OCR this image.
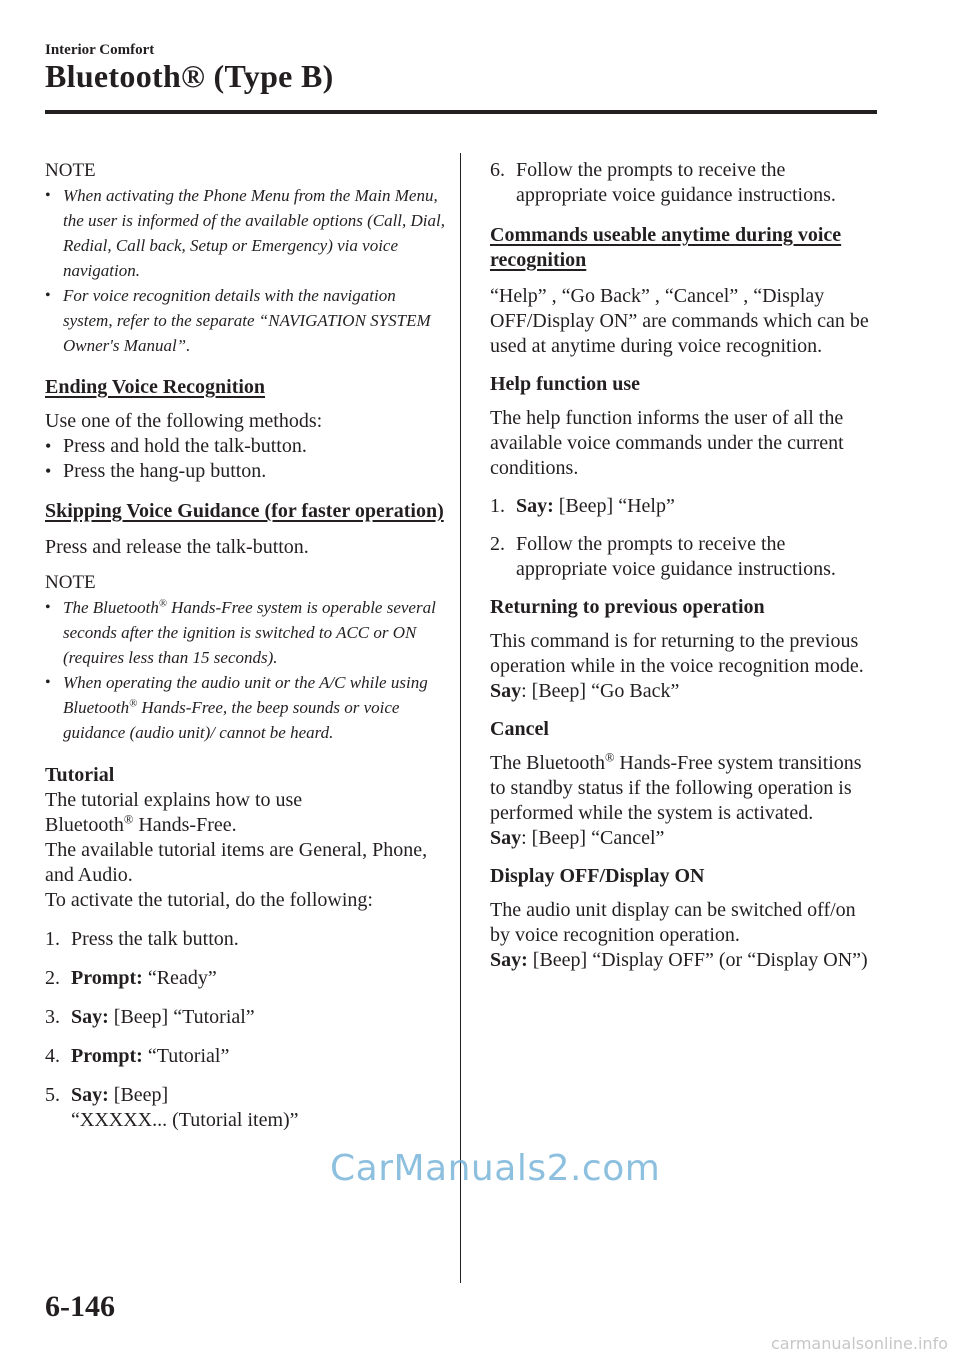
Interior Comfort
Bluetooth® (Type B)

NOTE

• When activating the Phone Menu from the Main Menu, the user is informed of the available options (Call, Dial, Redial, Call back, Setup or Emergency) via voice navigation.
• For voice recognition details with the navigation system, refer to the separate “NAVIGATION SYSTEM Owner's Manual”.

Ending Voice Recognition

Use one of the following methods:

• Press and hold the talk-button.
• Press the hang-up button.

Skipping Voice Guidance (for faster operation)

Press and release the talk-button.

NOTE

• The Bluetooth® Hands-Free system is operable several seconds after the ignition is switched to ACC or ON (requires less than 15 seconds).
• When operating the audio unit or the A/C while using Bluetooth® Hands-Free, the beep sounds or voice guidance (audio unit)/ cannot be heard.

Tutorial

The tutorial explains how to use

Bluetooth® Hands-Free.

The available tutorial items are General, Phone, and Audio.

To activate the tutorial, do the following:

1. Press the talk button.

2. Prompt: “Ready”

3. Say: [Beep] “Tutorial”

4. Prompt: “Tutorial”

5. Say: [Beep]
“XXXXX... (Tutorial item)”

6. Follow the prompts to receive the appropriate voice guidance instructions.

Commands useable anytime during voice recognition

“Help” , “Go Back” , “Cancel” , “Display OFF/Display ON” are commands which can be used at anytime during voice recognition.

Help function use

The help function informs the user of all the available voice commands under the current conditions.

1. Say: [Beep] “Help”

2. Follow the prompts to receive the appropriate voice guidance instructions.

Returning to previous operation

This command is for returning to the previous operation while in the voice recognition mode.

Say: [Beep] “Go Back”

Cancel

The Bluetooth® Hands-Free system transitions to standby status if the following operation is performed while the system is activated.

Say: [Beep] “Cancel”

Display OFF/Display ON

The audio unit display can be switched off/on by voice recognition operation.

Say: [Beep] “Display OFF” (or “Display ON”)

CarManuals2.com
6-146
carmanualsonline.info
